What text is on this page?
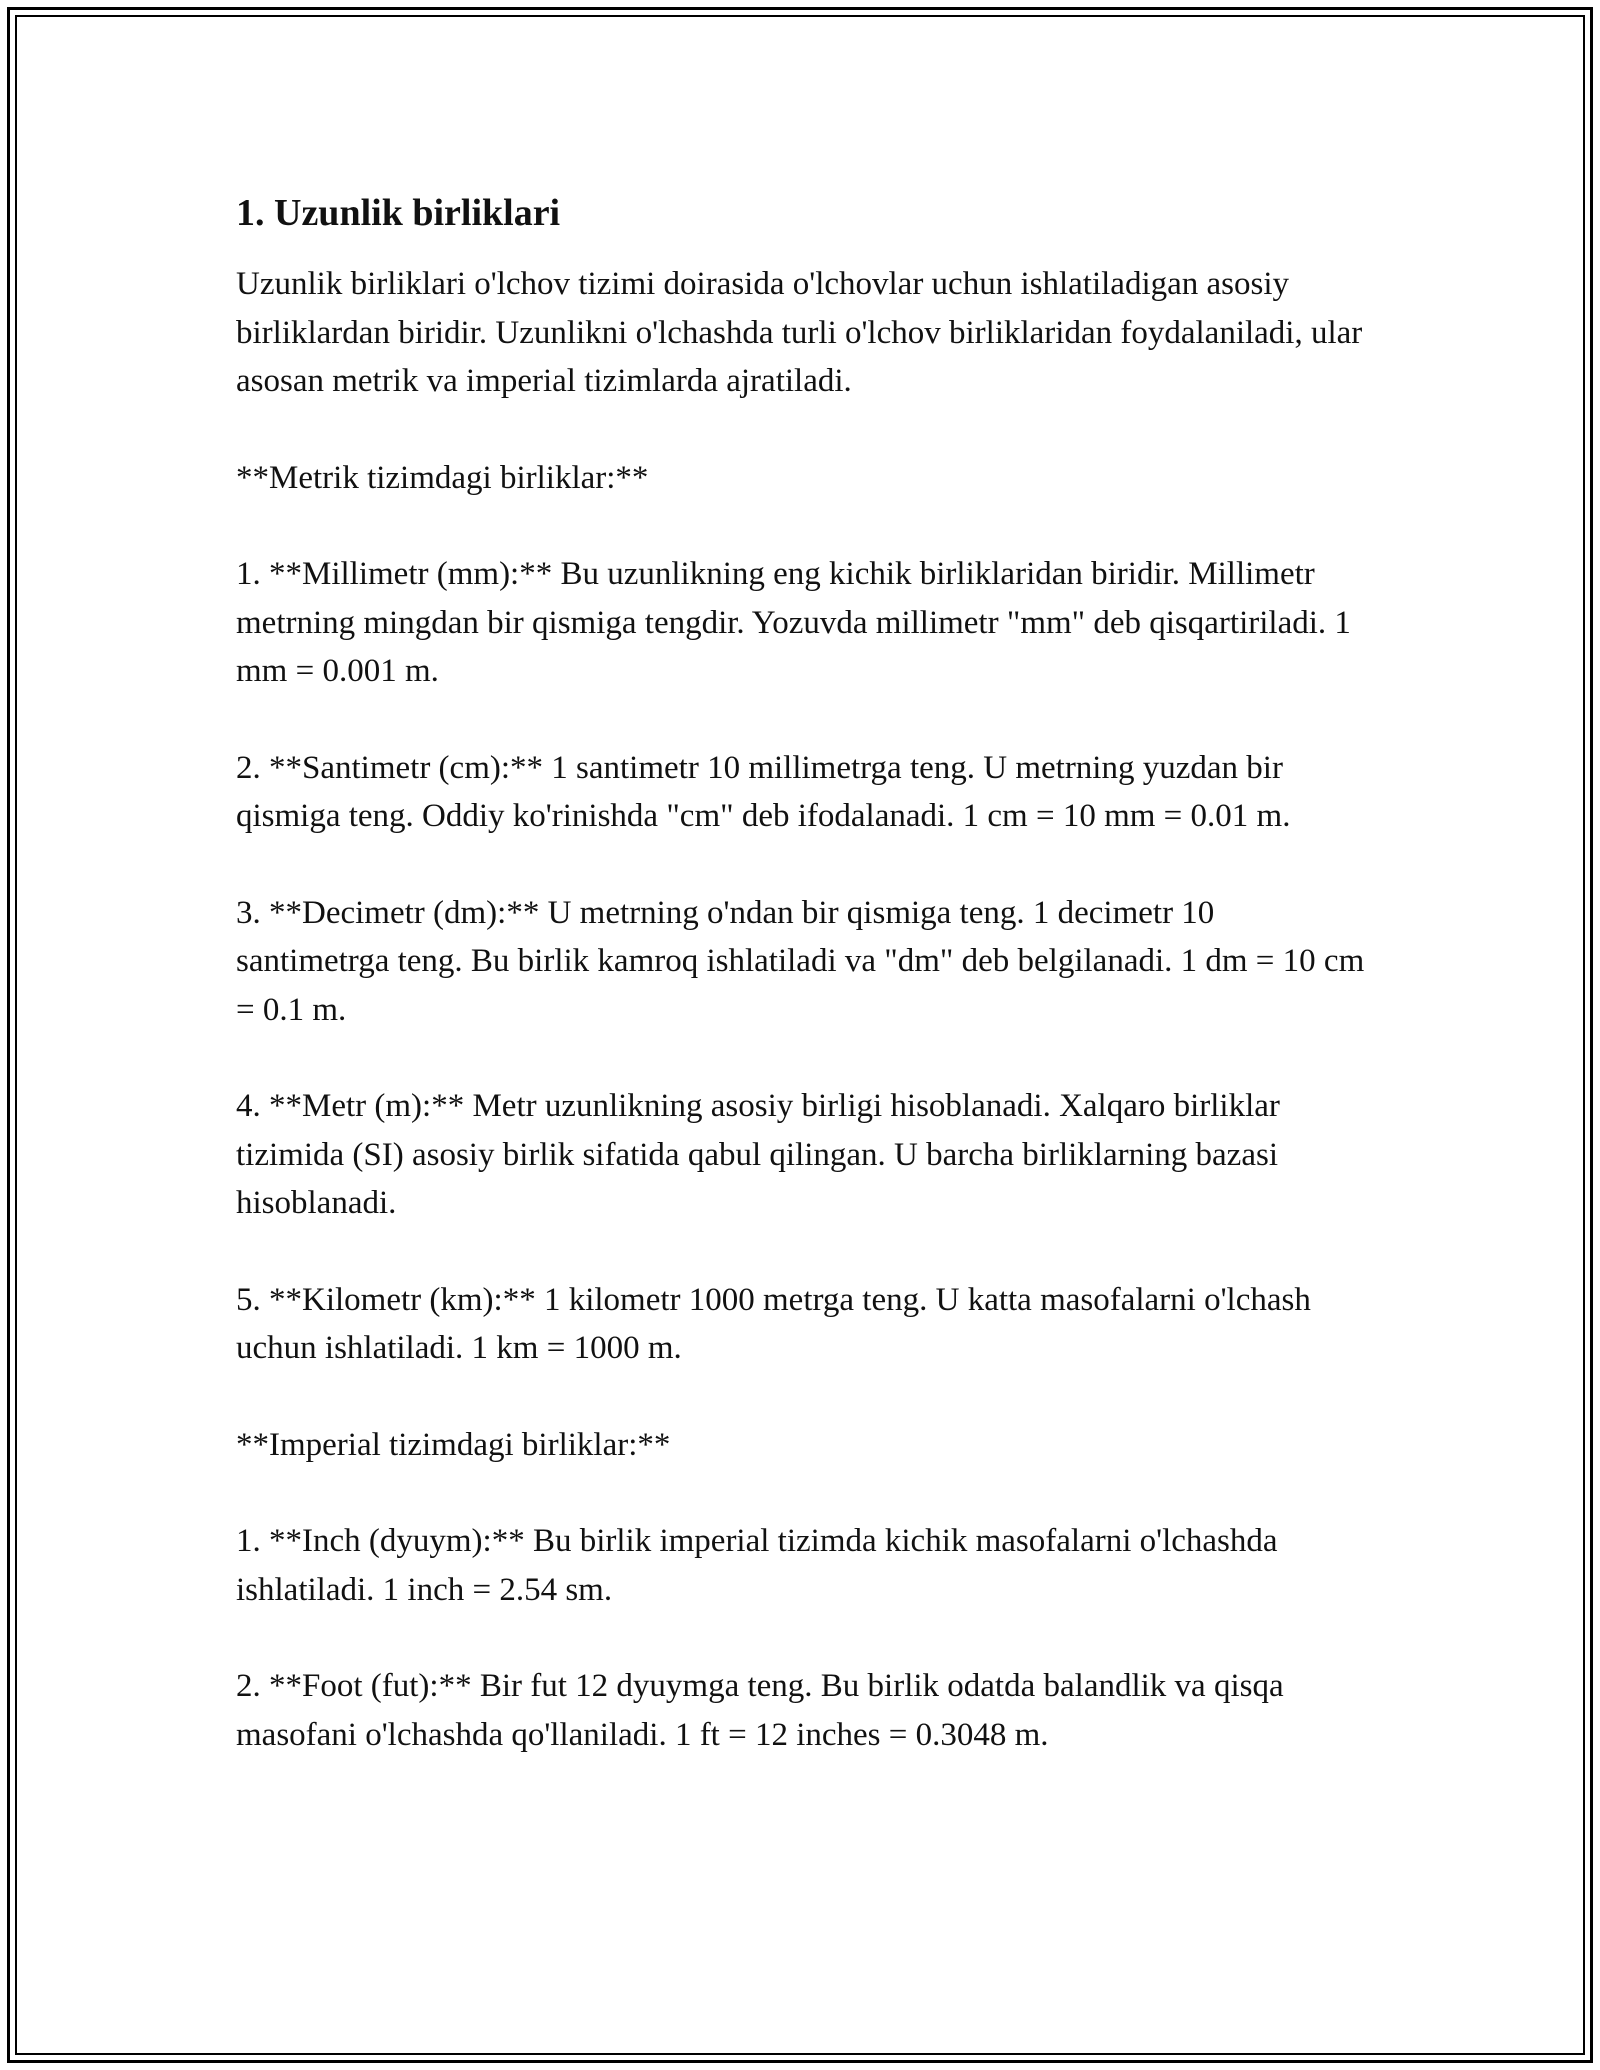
1. Uzunlik birliklari

Uzunlik birliklari o'lchov tizimi doirasida o'lchovlar uchun ishlatiladigan asosiy birliklardan biridir. Uzunlikni o'lchashda turli o'lchov birliklaridan foydalaniladi, ular asosan metrik va imperial tizimlarda ajratiladi.

**Metrik tizimdagi birliklar:**

1. **Millimetr (mm):** Bu uzunlikning eng kichik birliklaridan biridir. Millimetr metrning mingdan bir qismiga tengdir. Yozuvda millimetr "mm" deb qisqartiriladi. 1 mm = 0.001 m.

2. **Santimetr (cm):** 1 santimetr 10 millimetrga teng. U metrning yuzdan bir qismiga teng. Oddiy ko'rinishda "cm" deb ifodalanadi. 1 cm = 10 mm = 0.01 m.

3. **Decimetr (dm):** U metrning o'ndan bir qismiga teng. 1 decimetr 10 santimetrga teng. Bu birlik kamroq ishlatiladi va "dm" deb belgilanadi. 1 dm = 10 cm = 0.1 m.

4. **Metr (m):** Metr uzunlikning asosiy birligi hisoblanadi. Xalqaro birliklar tizimida (SI) asosiy birlik sifatida qabul qilingan. U barcha birliklarning bazasi hisoblanadi.

5. **Kilometr (km):** 1 kilometr 1000 metrga teng. U katta masofalarni o'lchash uchun ishlatiladi. 1 km = 1000 m.

**Imperial tizimdagi birliklar:**

1. **Inch (dyuym):** Bu birlik imperial tizimda kichik masofalarni o'lchashda ishlatiladi. 1 inch = 2.54 sm.

2. **Foot (fut):** Bir fut 12 dyuymga teng. Bu birlik odatda balandlik va qisqa masofani o'lchashda qo'llaniladi. 1 ft = 12 inches = 0.3048 m.
